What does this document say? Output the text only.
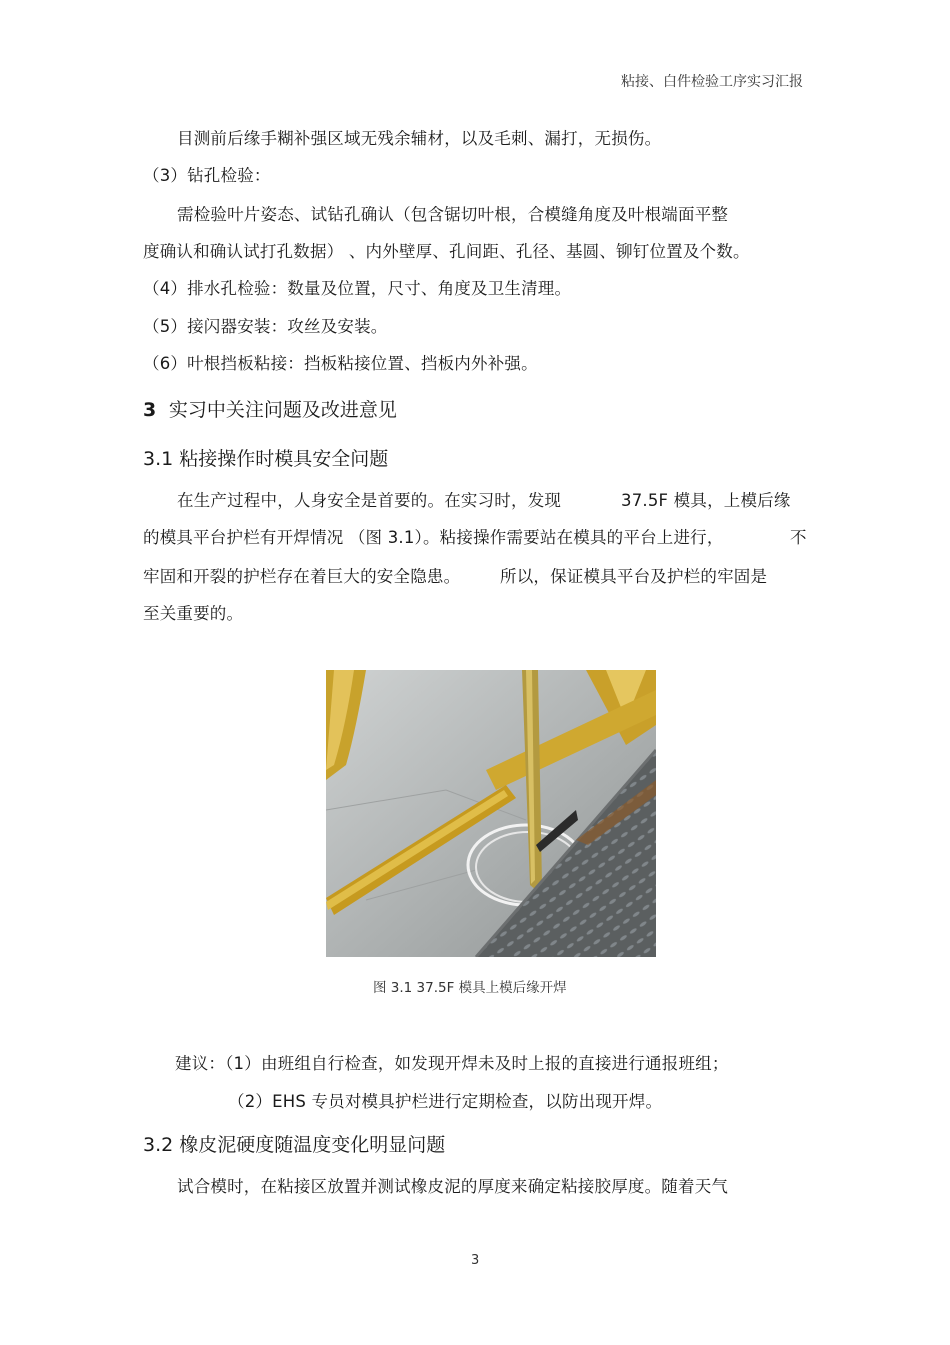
粘接、白件检验工序实习汇报
目测前后缘手糊补强区域无残余辅材，以及毛刺、漏打，无损伤。
（3）钻孔检验：
需检验叶片姿态、试钻孔确认（包含锯切叶根，合模缝角度及叶根端面平整
度确认和确认试打孔数据） 、内外壁厚、孔间距、孔径、基圆、铆钉位置及个数。
（4）排水孔检验：数量及位置，尺寸、角度及卫生清理。
（5）接闪器安装：攻丝及安装。
（6）叶根挡板粘接：挡板粘接位置、挡板内外补强。
3 实习中关注问题及改进意见
3.1 粘接操作时模具安全问题
在生产过程中，人身安全是首要的。在实习时，发现	37.5F 模具，上模后缘
的模具平台护栏有开焊情况 （图 3.1）。粘接操作需要站在模具的平台上进行，	不
牢固和开裂的护栏存在着巨大的安全隐患。 所以，保证模具平台及护栏的牢固是
至关重要的。
图 3.1 37.5F 模具上模后缘开焊
建议：（1）由班组自行检查，如发现开焊未及时上报的直接进行通报班组；
（2）EHS 专员对模具护栏进行定期检查，以防出现开焊。
3.2 橡皮泥硬度随温度变化明显问题
试合模时，在粘接区放置并测试橡皮泥的厚度来确定粘接胶厚度。随着天气
3
